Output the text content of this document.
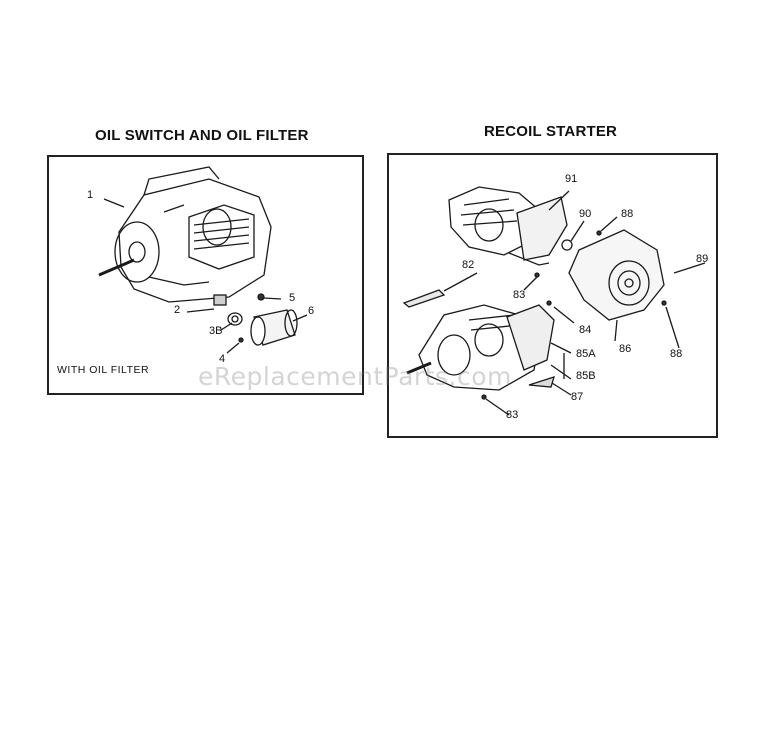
OIL SWITCH AND OIL FILTER	RECOIL STARTER
1
2
3B
4
5
6
WITH OIL FILTER
91
90	88
89
82
83
84
85A
85B
86	88
87
83
eReplacementParts.com
